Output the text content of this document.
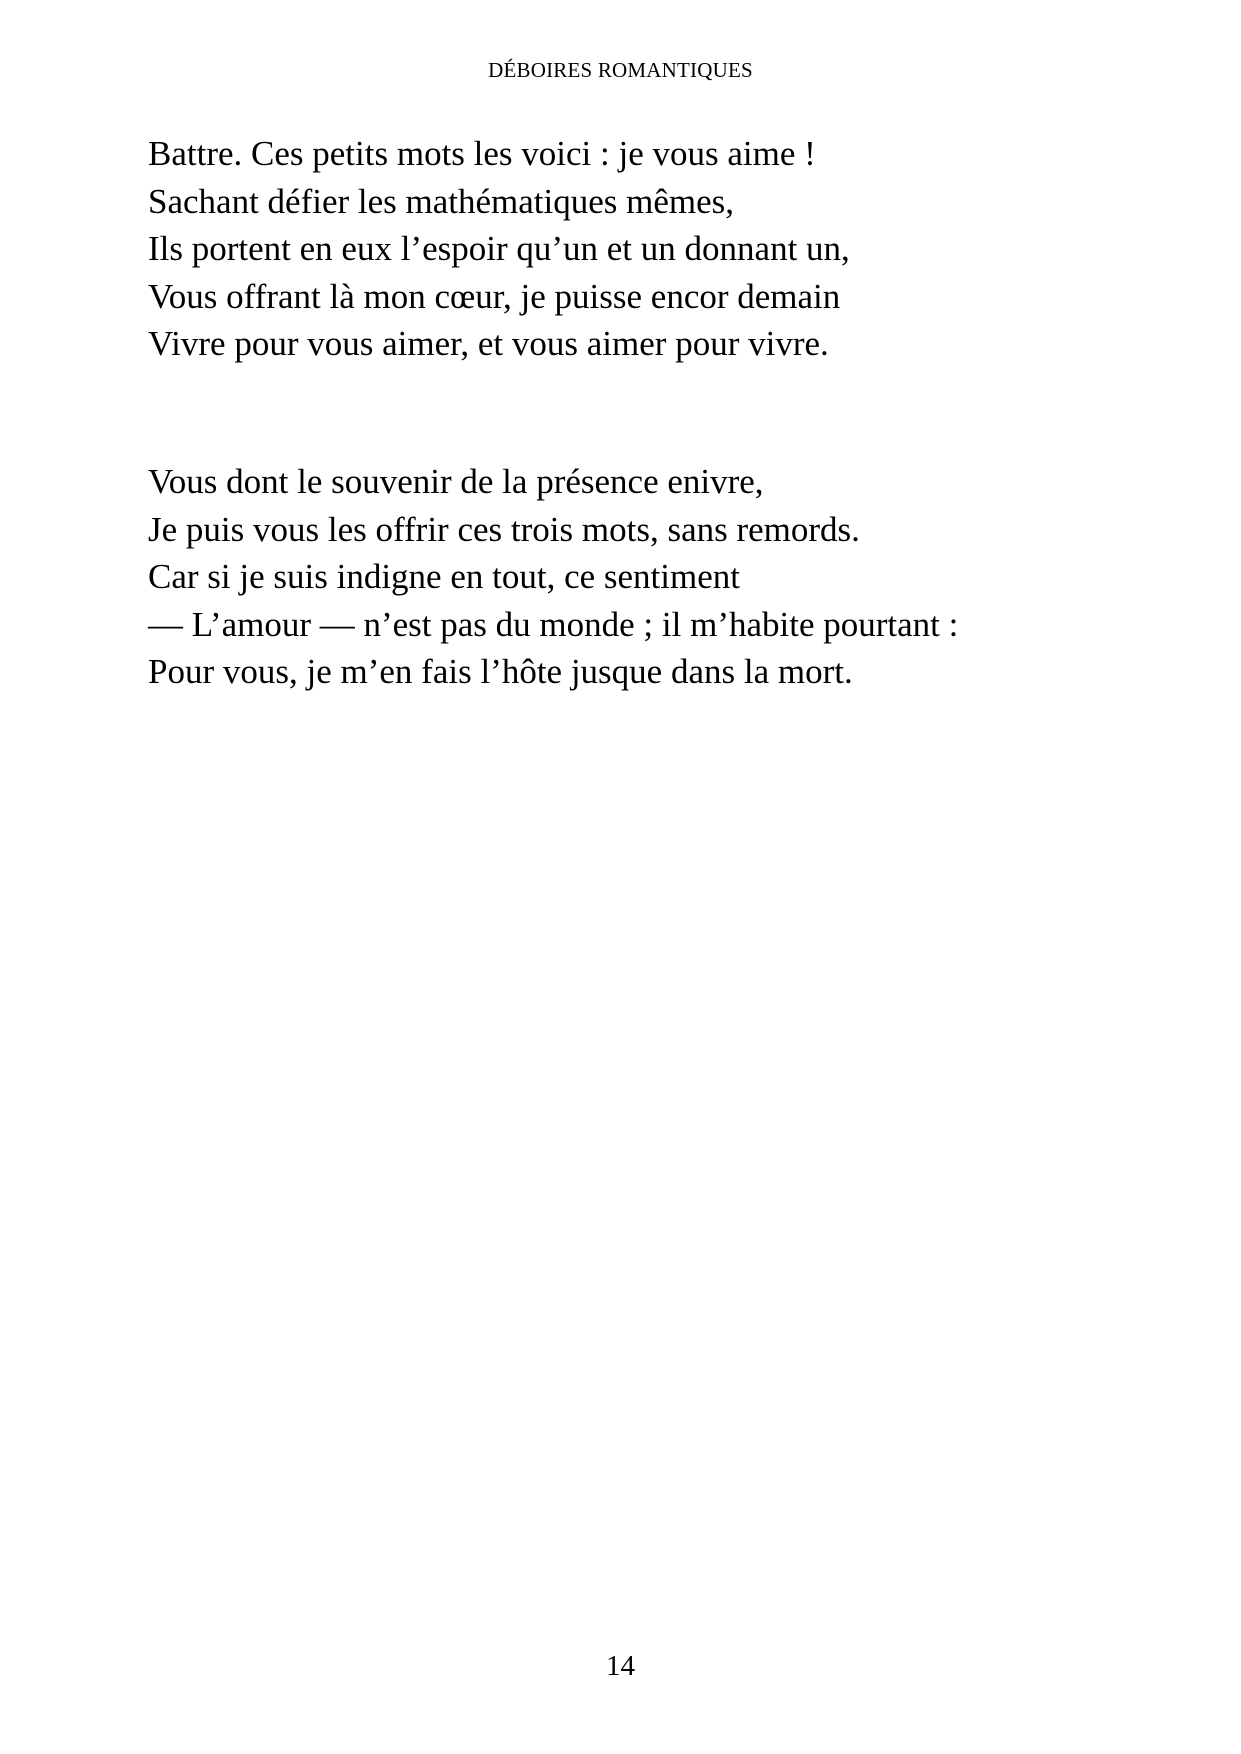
DÉBOIRES ROMANTIQUES
Battre. Ces petits mots les voici : je vous aime !
Sachant défier les mathématiques mêmes,
Ils portent en eux l’espoir qu’un et un donnant un,
Vous offrant là mon cœur, je puisse encor demain
Vivre pour vous aimer, et vous aimer pour vivre.
Vous dont le souvenir de la présence enivre,
Je puis vous les offrir ces trois mots, sans remords.
Car si je suis indigne en tout, ce sentiment
— L’amour — n’est pas du monde ; il m’habite pourtant :
Pour vous, je m’en fais l’hôte jusque dans la mort.
14
